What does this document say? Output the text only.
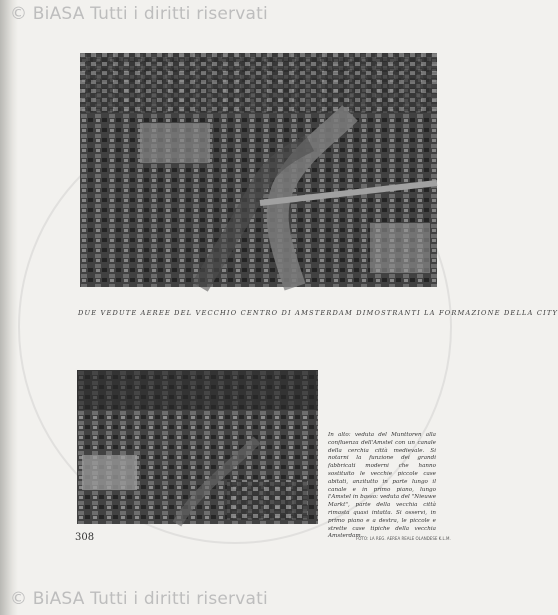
© BiASA Tutti i diritti riservati
DUE VEDUTE AEREE DEL VECCHIO CENTRO DI AMSTERDAM DIMOSTRANTI LA FORMAZIONE DELLA CITY
In alto: veduta del Munttoren alla confluenza dell'Amstel con un canale della cerchia città medievale. Si notarni la funzione dei grandi fabbricati moderni che hanno sostituito le vecchie piccole case abitati, anzitutto in parte lungo il canale e in primo piano, lungo l'Amstel in basso: veduta del "Nieuwe Markt", parte della vecchia città rimasta quasi intatta. Si osservi, in primo piano e a destra, le piccole e strette case tipiche della vecchia Amsterdam.
FOTO: LA REG. AEREA REALE OLANDESE K.L.M.
308
© BiASA Tutti i diritti riservati
